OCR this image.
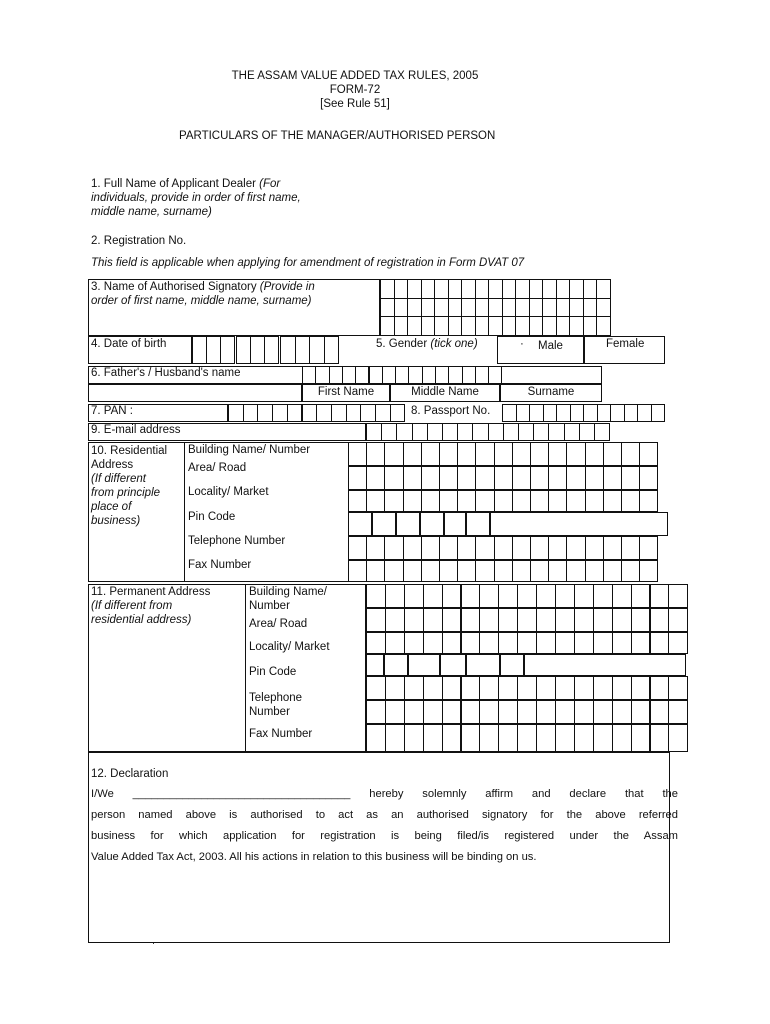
THE ASSAM VALUE ADDED TAX RULES, 2005
FORM-72
[See Rule 51]
PARTICULARS OF THE MANAGER/AUTHORISED PERSON
1. Full Name of Applicant Dealer (For
individuals, provide in order of first name,
middle name, surname)
2. Registration No.
This field is applicable when applying for amendment of registration in Form DVAT 07
3. Name of Authorised Signatory (Provide in
order of first name, middle name, surname)
4. Date of birth	5. Gender (tick one)	· Male	Female
6. Father's / Husband's name
First Name	Middle Name	Surname
7. PAN :	8. Passport No.
9. E-mail address
10. Residential
Address
(If different
from principle
place of
business)
Building Name/ Number
Area/ Road
Locality/ Market
Pin Code
Telephone Number
Fax Number
11. Permanent Address
(If different from
residential address)
Building Name/
Number
Area/ Road
Locality/ Market
Pin Code
Telephone
Number
Fax Number
12. Declaration
I/We ___________________________________ hereby solemnly affirm and declare that the
person named above is authorised to act as an authorised signatory for the above referred
business for which application for registration is being filed/is registered under the Assam
Value Added Tax Act, 2003. All his actions in relation to this business will be binding on us.
·
